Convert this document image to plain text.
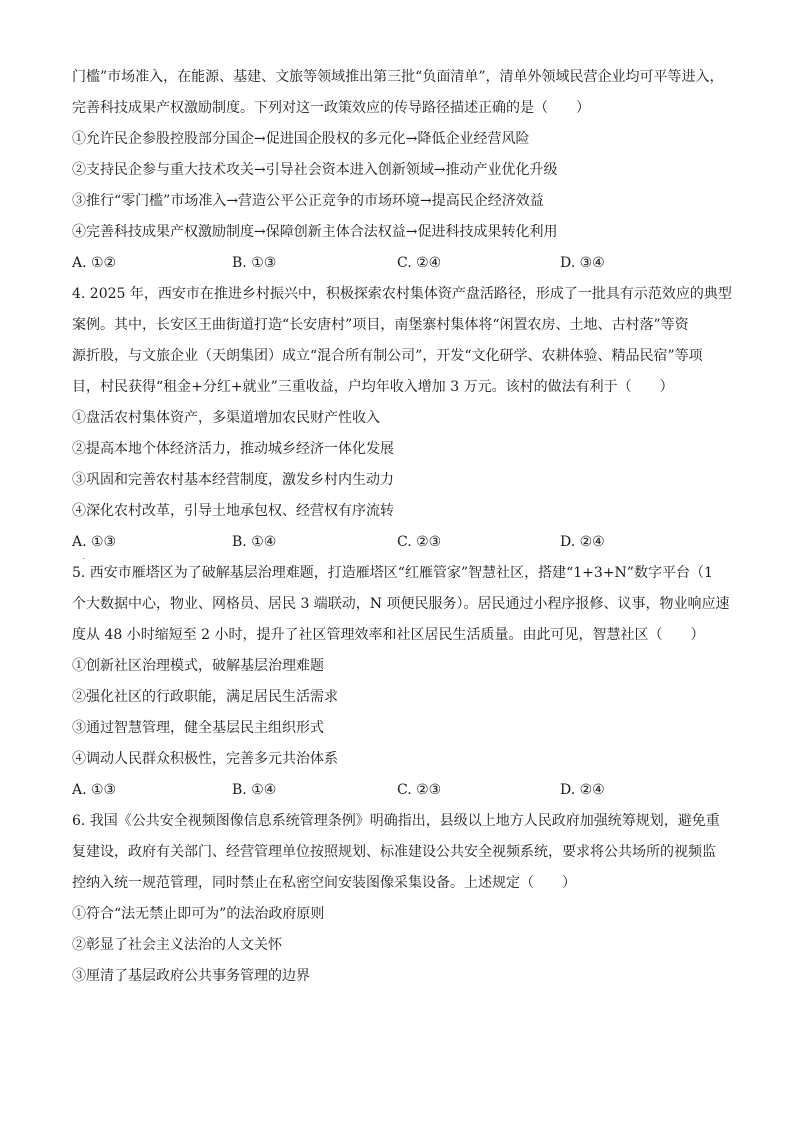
门槛”市场准入，在能源、基建、文旅等领域推出第三批“负面清单”，清单外领域民营企业均可平等进入，
完善科技成果产权激励制度。下列对这一政策效应的传导路径描述正确的是（　　）
①允许民企参股控股部分国企→促进国企股权的多元化→降低企业经营风险
②支持民企参与重大技术攻关→引导社会资本进入创新领域→推动产业优化升级
③推行“零门槛”市场准入→营造公平公正竞争的市场环境→提高民企经济效益
④完善科技成果产权激励制度→保障创新主体合法权益→促进科技成果转化利用
A. ①②	B. ①③	C. ②④	D. ③④
4. 2025 年，西安市在推进乡村振兴中，积极探索农村集体资产盘活路径，形成了一批具有示范效应的典型
案例。其中，长安区王曲街道打造“长安唐村”项目，南堡寨村集体将“闲置农房、土地、古村落”等资
源折股，与文旅企业（天朗集团）成立“混合所有制公司”，开发“文化研学、农耕体验、精品民宿”等项
目，村民获得“租金+分红+就业”三重收益，户均年收入增加 3 万元。该村的做法有利于（　　）
①盘活农村集体资产，多渠道增加农民财产性收入
②提高本地个体经济活力，推动城乡经济一体化发展
③巩固和完善农村基本经营制度，激发乡村内生动力
④深化农村改革，引导土地承包权、经营权有序流转
A. ①③	B. ①④	C. ②③	D. ②④
.
5. 西安市雁塔区为了破解基层治理难题，打造雁塔区“红雁管家”智慧社区，搭建“1+3+N”数字平台（1
个大数据中心，物业、网格员、居民 3 端联动，N 项便民服务）。居民通过小程序报修、议事，物业响应速
度从 48 小时缩短至 2 小时，提升了社区管理效率和社区居民生活质量。由此可见，智慧社区（　　）
①创新社区治理模式，破解基层治理难题
②强化社区的行政职能，满足居民生活需求
③通过智慧管理，健全基层民主组织形式
④调动人民群众积极性，完善多元共治体系
A. ①③	B. ①④	C. ②③	D. ②④
6. 我国《公共安全视频图像信息系统管理条例》明确指出，县级以上地方人民政府加强统筹规划，避免重
复建设，政府有关部门、经营管理单位按照规划、标准建设公共安全视频系统，要求将公共场所的视频监
控纳入统一规范管理，同时禁止在私密空间安装图像采集设备。上述规定（　　）
①符合“法无禁止即可为”的法治政府原则
②彰显了社会主义法治的人文关怀
③厘清了基层政府公共事务管理的边界
